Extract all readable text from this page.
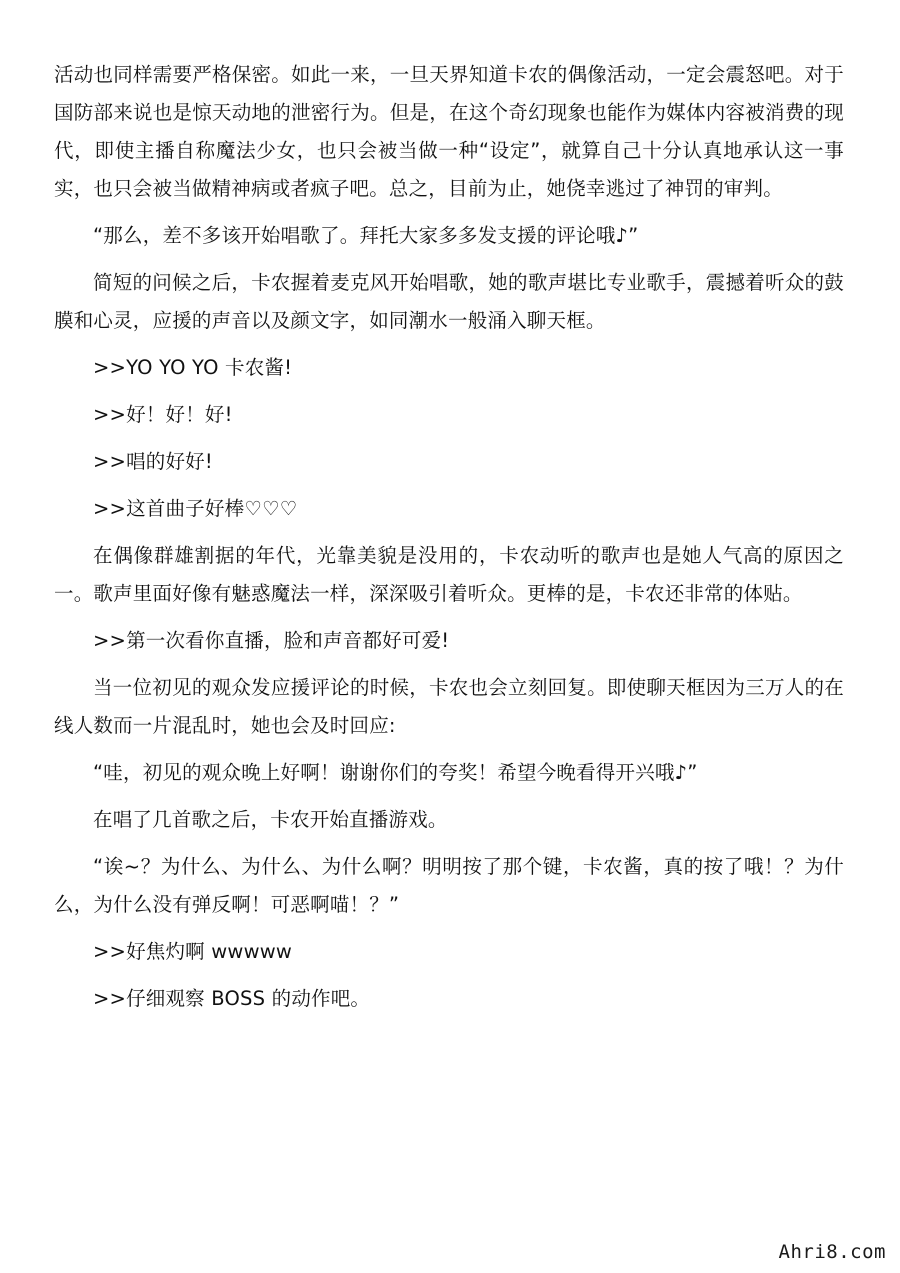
活动也同样需要严格保密。如此一来，一旦天界知道卡农的偶像活动，一定会震怒吧。对于国防部来说也是惊天动地的泄密行为。但是，在这个奇幻现象也能作为媒体内容被消费的现代，即使主播自称魔法少女，也只会被当做一种“设定”，就算自己十分认真地承认这一事实，也只会被当做精神病或者疯子吧。总之，目前为止，她侥幸逃过了神罚的审判。

“那么，差不多该开始唱歌了。拜托大家多多发支援的评论哦♪”

简短的问候之后，卡农握着麦克风开始唱歌，她的歌声堪比专业歌手，震撼着听众的鼓膜和心灵，应援的声音以及颜文字，如同潮水一般涌入聊天框。

>>YO YO YO 卡农酱!

>>好！好！好!

>>唱的好好!

>>这首曲子好棒♡♡♡

在偶像群雄割据的年代，光靠美貌是没用的，卡农动听的歌声也是她人气高的原因之一。歌声里面好像有魅惑魔法一样，深深吸引着听众。更棒的是，卡农还非常的体贴。

>>第一次看你直播，脸和声音都好可爱!

当一位初见的观众发应援评论的时候，卡农也会立刻回复。即使聊天框因为三万人的在线人数而一片混乱时，她也会及时回应:

“哇，初见的观众晚上好啊！谢谢你们的夸奖！希望今晚看得开兴哦♪”

在唱了几首歌之后，卡农开始直播游戏。

“诶~？为什么、为什么、为什么啊？明明按了那个键，卡农酱，真的按了哦！？为什么，为什么没有弹反啊！可恶啊喵！？”

>>好焦灼啊 wwwww

>>仔细观察 BOSS 的动作吧。

Ahri8.com
